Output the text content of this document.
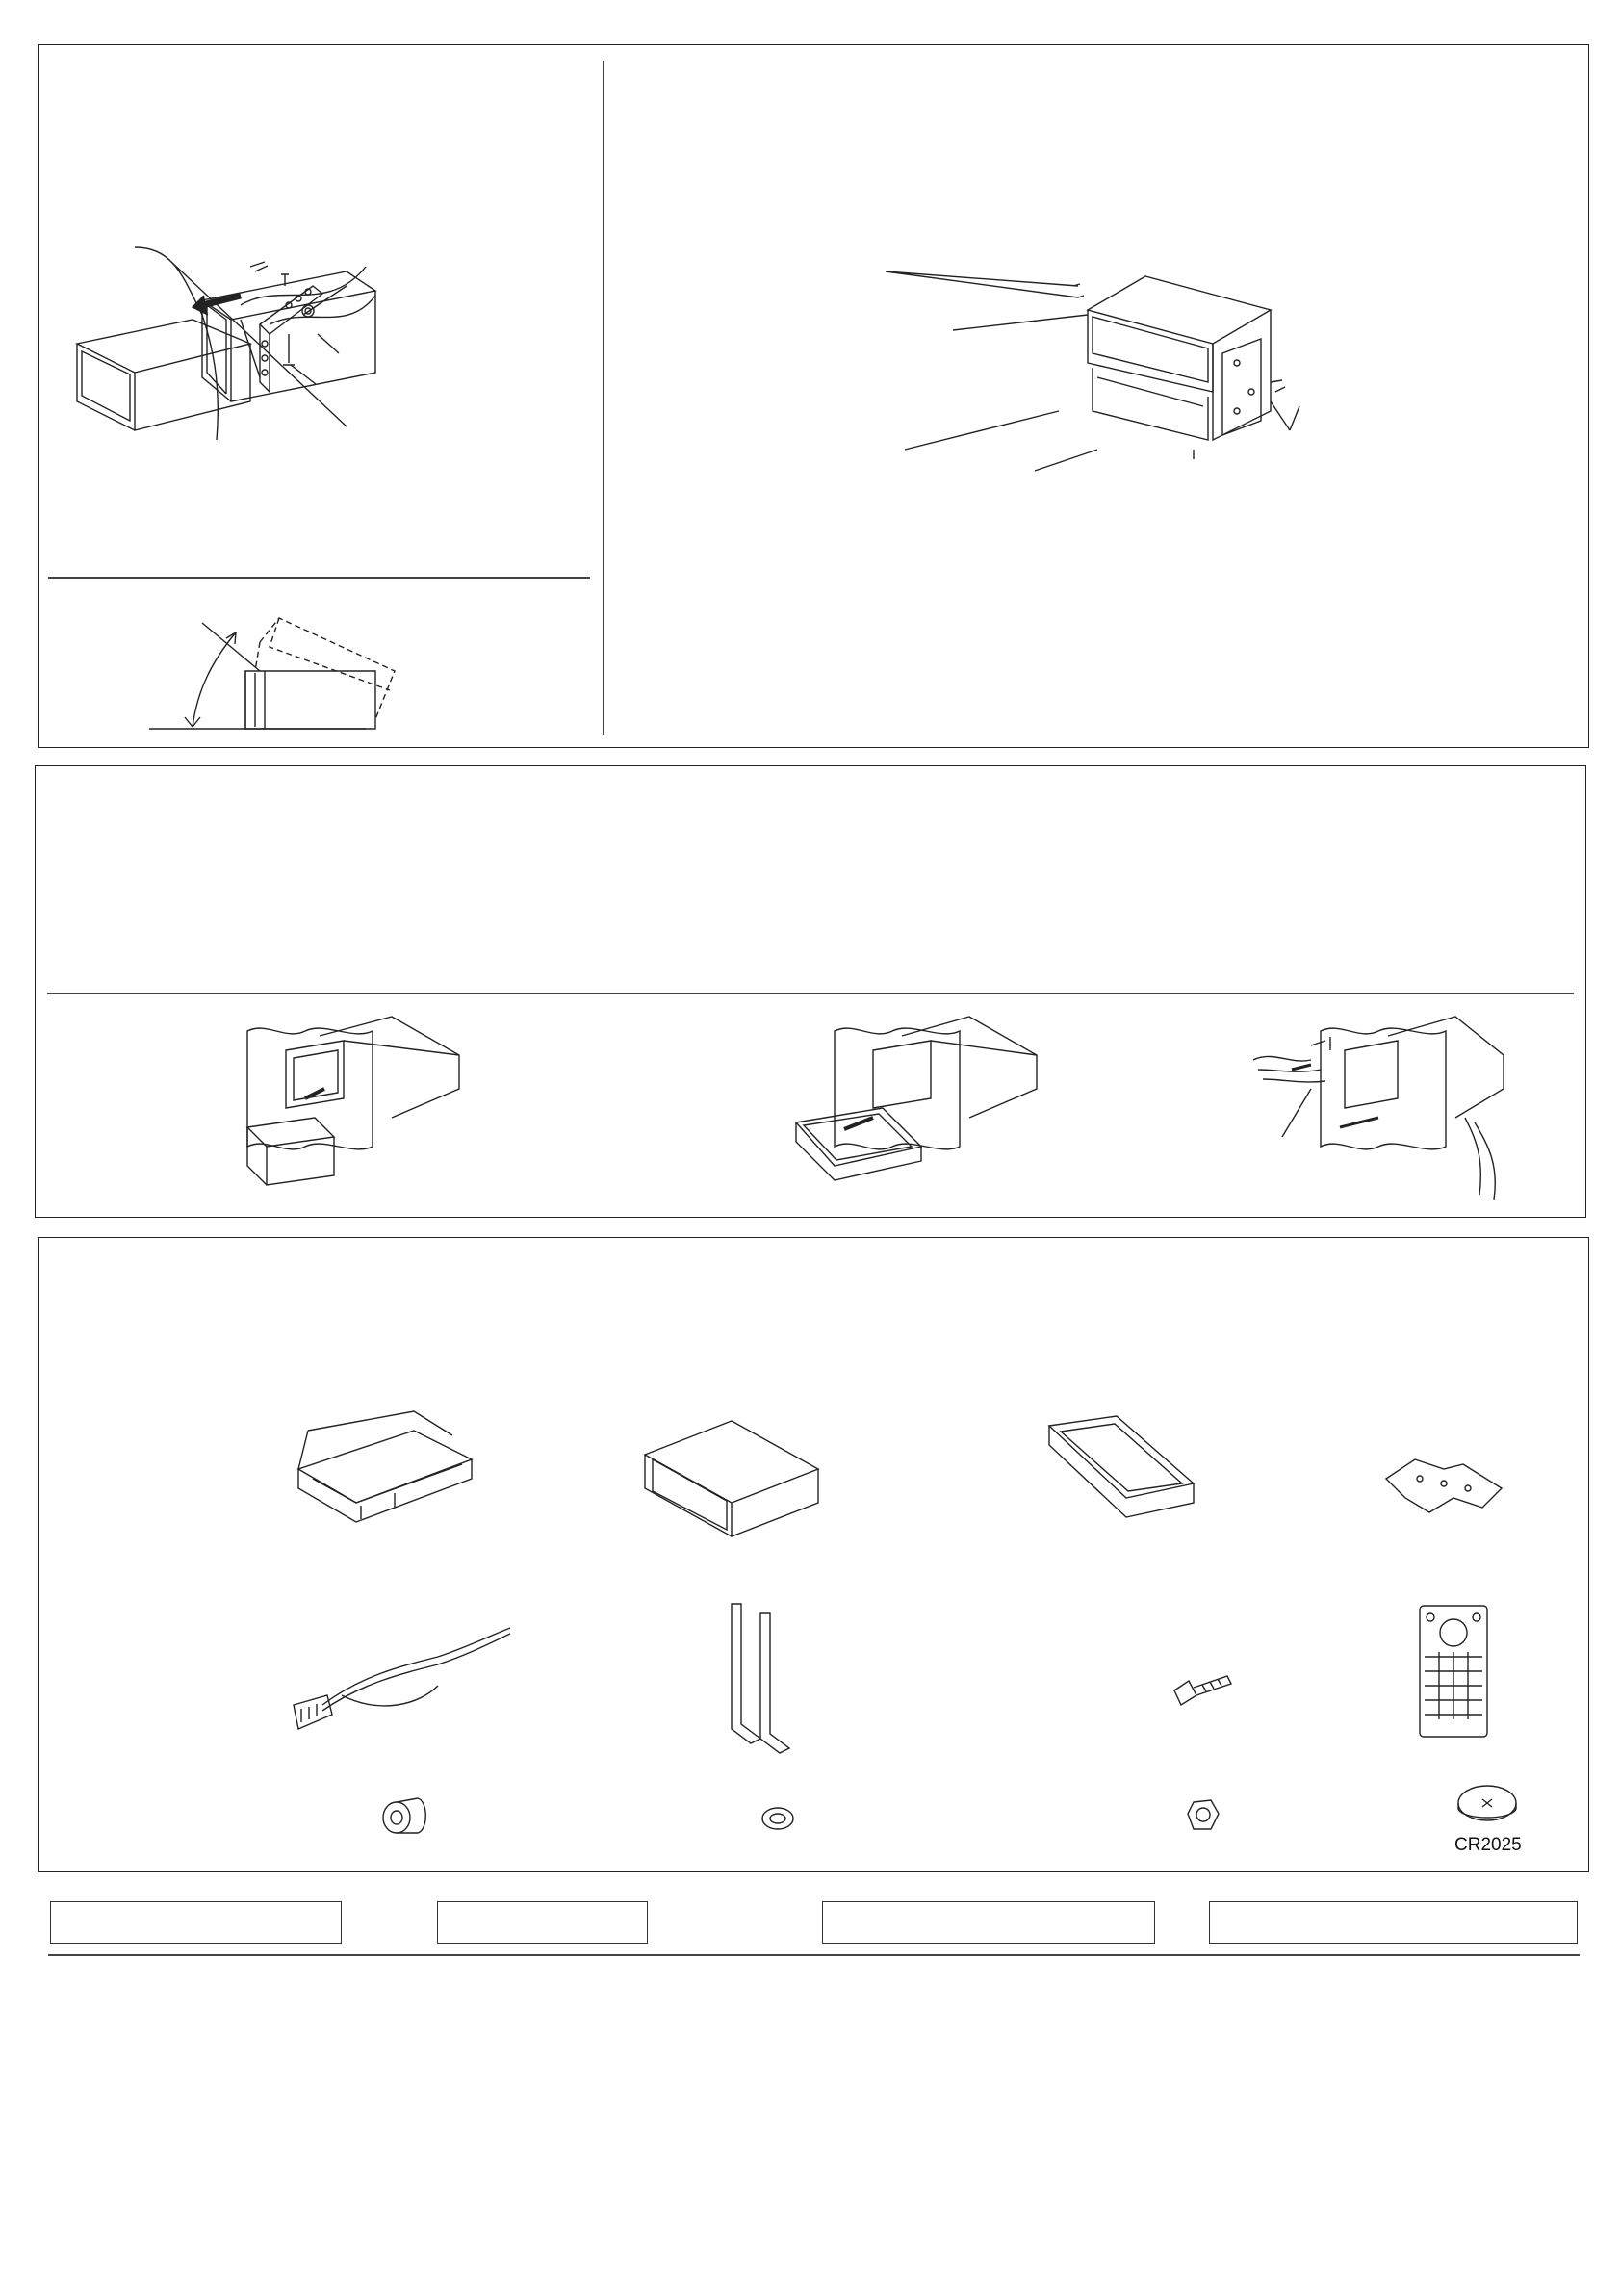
CR2025
